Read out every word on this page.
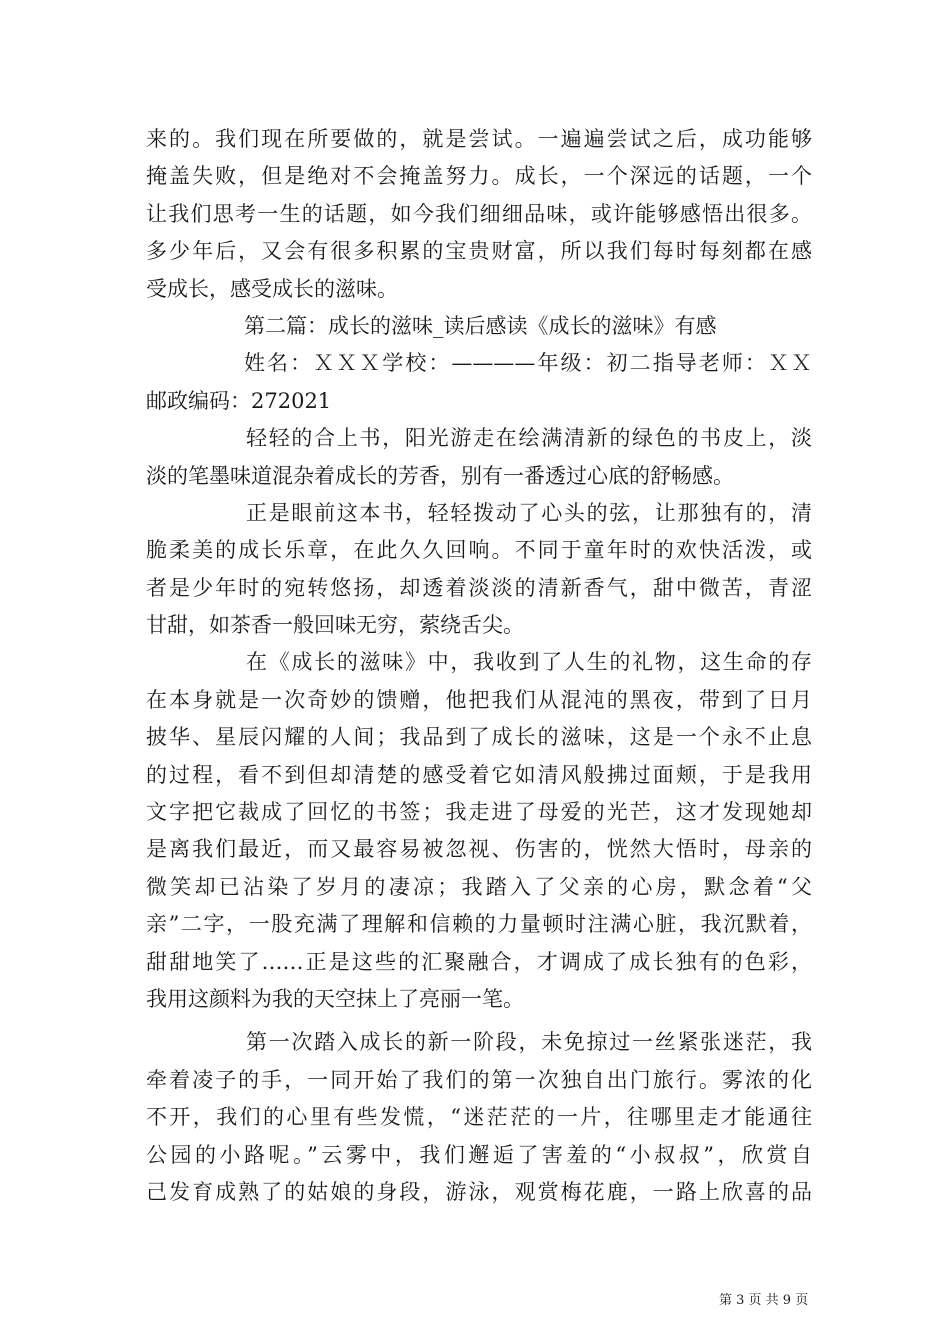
来的。我们现在所要做的，就是尝试。一遍遍尝试之后，成功能够
掩盖失败，但是绝对不会掩盖努力。成长，一个深远的话题，一个
让我们思考一生的话题，如今我们细细品味，或许能够感悟出很多。
多少年后，又会有很多积累的宝贵财富，所以我们每时每刻都在感
受成长，感受成长的滋味。
第二篇：成长的滋味_读后感读《成长的滋味》有感
姓名：ＸＸＸ学校：————年级：初二指导老师：ＸＸ
邮政编码：272021
轻轻的合上书，阳光游走在绘满清新的绿色的书皮上，淡
淡的笔墨味道混杂着成长的芳香，别有一番透过心底的舒畅感。
正是眼前这本书，轻轻拨动了心头的弦，让那独有的，清
脆柔美的成长乐章，在此久久回响。不同于童年时的欢快活泼，或
者是少年时的宛转悠扬，却透着淡淡的清新香气，甜中微苦，青涩
甘甜，如茶香一般回味无穷，萦绕舌尖。
在《成长的滋味》中，我收到了人生的礼物，这生命的存
在本身就是一次奇妙的馈赠，他把我们从混沌的黑夜，带到了日月
披华、星辰闪耀的人间；我品到了成长的滋味，这是一个永不止息
的过程，看不到但却清楚的感受着它如清风般拂过面颊，于是我用
文字把它裁成了回忆的书签；我走进了母爱的光芒，这才发现她却
是离我们最近，而又最容易被忽视、伤害的，恍然大悟时，母亲的
微笑却已沾染了岁月的凄凉；我踏入了父亲的心房，默念着“父
亲”二字，一股充满了理解和信赖的力量顿时注满心脏，我沉默着，
甜甜地笑了……正是这些的汇聚融合，才调成了成长独有的色彩，
我用这颜料为我的天空抹上了亮丽一笔。
第一次踏入成长的新一阶段，未免掠过一丝紧张迷茫，我
牵着凌子的手，一同开始了我们的第一次独自出门旅行。雾浓的化
不开，我们的心里有些发慌，“迷茫茫的一片，往哪里走才能通往
公园的小路呢。”云雾中，我们邂逅了害羞的“小叔叔”，欣赏自
己发育成熟了的姑娘的身段，游泳，观赏梅花鹿，一路上欣喜的品
第 3 页 共 9 页
